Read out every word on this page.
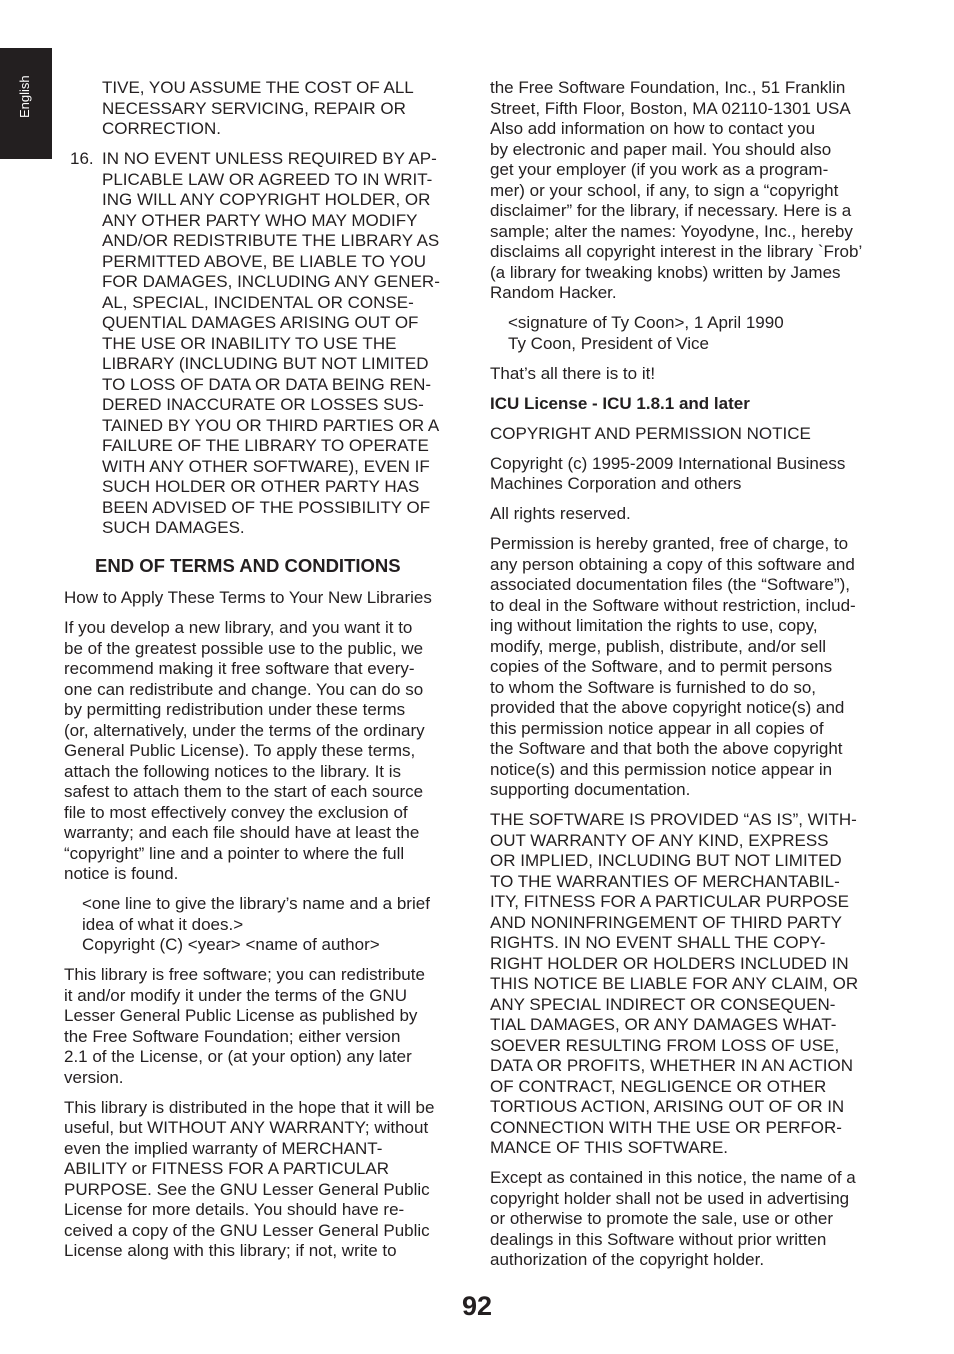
English	TIVE, YOU ASSUME THE COST OF ALL
NECESSARY SERVICING, REPAIR OR
CORRECTION.

16. IN NO EVENT UNLESS REQUIRED BY AP-
PLICABLE LAW OR AGREED TO IN WRIT-
ING WILL ANY COPYRIGHT HOLDER, OR
ANY OTHER PARTY WHO MAY MODIFY
AND/OR REDISTRIBUTE THE LIBRARY AS
PERMITTED ABOVE, BE LIABLE TO YOU
FOR DAMAGES, INCLUDING ANY GENER-
AL, SPECIAL, INCIDENTAL OR CONSE-
QUENTIAL DAMAGES ARISING OUT OF
THE USE OR INABILITY TO USE THE
LIBRARY (INCLUDING BUT NOT LIMITED
TO LOSS OF DATA OR DATA BEING REN-
DERED INACCURATE OR LOSSES SUS-
TAINED BY YOU OR THIRD PARTIES OR A
FAILURE OF THE LIBRARY TO OPERATE
WITH ANY OTHER SOFTWARE), EVEN IF
SUCH HOLDER OR OTHER PARTY HAS
BEEN ADVISED OF THE POSSIBILITY OF
SUCH DAMAGES.

END OF TERMS AND CONDITIONS

How to Apply These Terms to Your New Libraries

If you develop a new library, and you want it to
be of the greatest possible use to the public, we
recommend making it free software that every-
one can redistribute and change. You can do so
by permitting redistribution under these terms
(or, alternatively, under the terms of the ordinary
General Public License). To apply these terms,
attach the following notices to the library. It is
safest to attach them to the start of each source
file to most effectively convey the exclusion of
warranty; and each file should have at least the
“copyright” line and a pointer to where the full
notice is found.

<one line to give the library’s name and a brief
idea of what it does.>

Copyright (C) <year> <name of author>

This library is free software; you can redistribute
it and/or modify it under the terms of the GNU
Lesser General Public License as published by
the Free Software Foundation; either version
2.1 of the License, or (at your option) any later
version.

This library is distributed in the hope that it will be
useful, but WITHOUT ANY WARRANTY; without
even the implied warranty of MERCHANT-
ABILITY or FITNESS FOR A PARTICULAR
PURPOSE. See the GNU Lesser General Public
License for more details. You should have re-
ceived a copy of the GNU Lesser General Public
License along with this library; if not, write to

the Free Software Foundation, Inc., 51 Franklin
Street, Fifth Floor, Boston, MA 02110-1301 USA
Also add information on how to contact you
by electronic and paper mail. You should also
get your employer (if you work as a program-
mer) or your school, if any, to sign a “copyright
disclaimer” for the library, if necessary. Here is a
sample; alter the names: Yoyodyne, Inc., hereby
disclaims all copyright interest in the library `Frob’
(a library for tweaking knobs) written by James
Random Hacker.

<signature of Ty Coon>, 1 April 1990

Ty Coon, President of Vice

That’s all there is to it!

ICU License - ICU 1.8.1 and later

COPYRIGHT AND PERMISSION NOTICE

Copyright (c) 1995-2009 International Business
Machines Corporation and others

All rights reserved.

Permission is hereby granted, free of charge, to
any person obtaining a copy of this software and
associated documentation files (the “Software”),
to deal in the Software without restriction, includ-
ing without limitation the rights to use, copy,
modify, merge, publish, distribute, and/or sell
copies of the Software, and to permit persons
to whom the Software is furnished to do so,
provided that the above copyright notice(s) and
this permission notice appear in all copies of
the Software and that both the above copyright
notice(s) and this permission notice appear in
supporting documentation.

THE SOFTWARE IS PROVIDED “AS IS”, WITH-
OUT WARRANTY OF ANY KIND, EXPRESS
OR IMPLIED, INCLUDING BUT NOT LIMITED
TO THE WARRANTIES OF MERCHANTABIL-
ITY, FITNESS FOR A PARTICULAR PURPOSE
AND NONINFRINGEMENT OF THIRD PARTY
RIGHTS. IN NO EVENT SHALL THE COPY-
RIGHT HOLDER OR HOLDERS INCLUDED IN
THIS NOTICE BE LIABLE FOR ANY CLAIM, OR
ANY SPECIAL INDIRECT OR CONSEQUEN-
TIAL DAMAGES, OR ANY DAMAGES WHAT-
SOEVER RESULTING FROM LOSS OF USE,
DATA OR PROFITS, WHETHER IN AN ACTION
OF CONTRACT, NEGLIGENCE OR OTHER
TORTIOUS ACTION, ARISING OUT OF OR IN
CONNECTION WITH THE USE OR PERFOR-
MANCE OF THIS SOFTWARE.

Except as contained in this notice, the name of a
copyright holder shall not be used in advertising
or otherwise to promote the sale, use or other
dealings in this Software without prior written
authorization of the copyright holder.

92
